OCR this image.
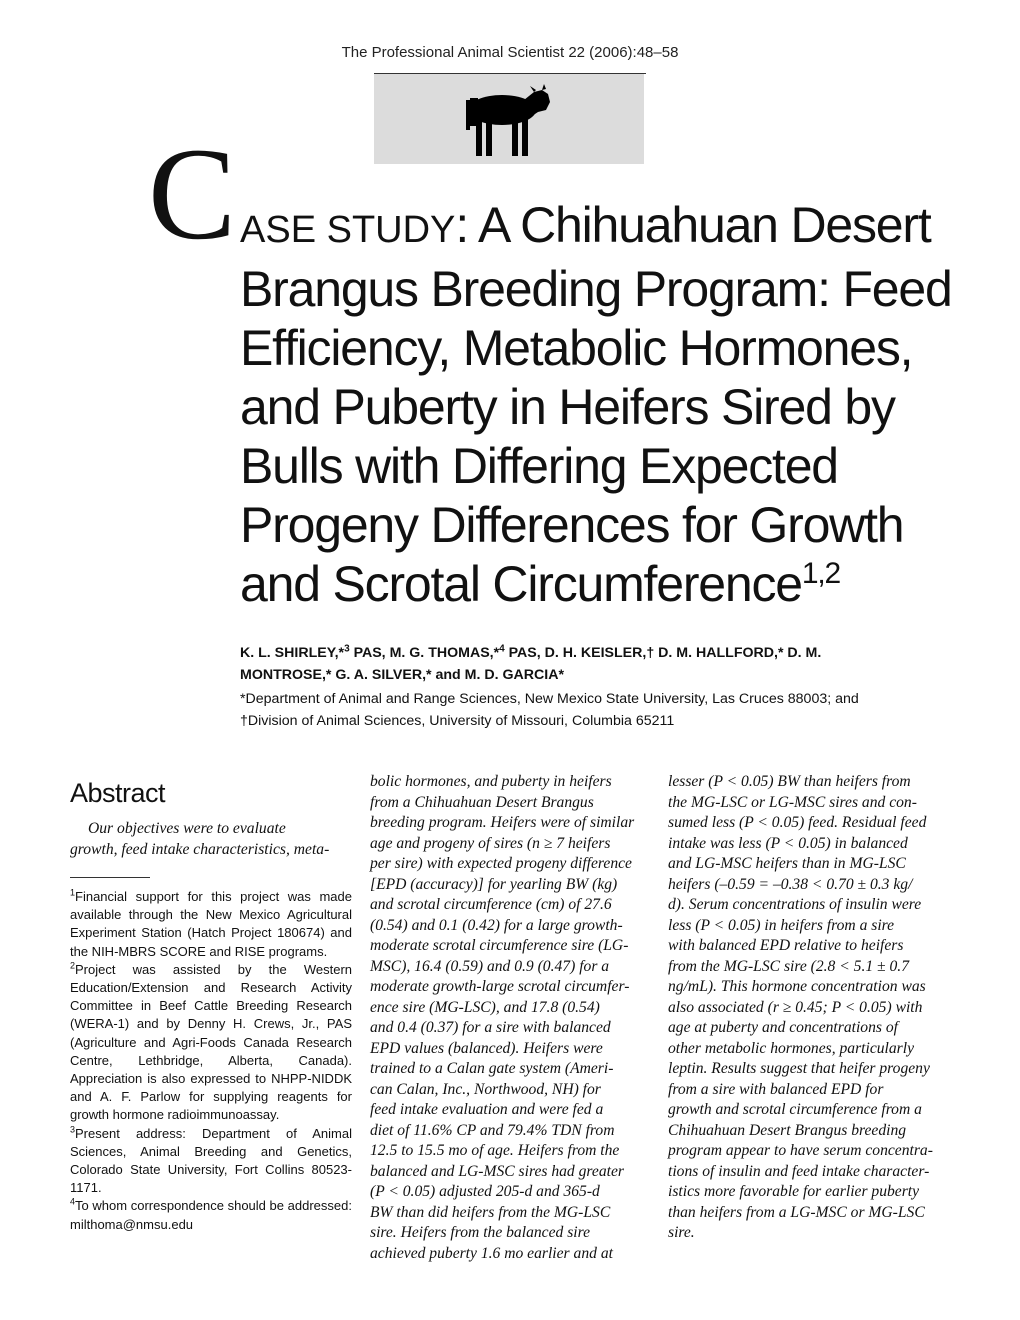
The Professional Animal Scientist 22 (2006):48–58
C ASE STUDY: A Chihuahuan Desert
Brangus Breeding Program: Feed
Efficiency, Metabolic Hormones,
and Puberty in Heifers Sired by
Bulls with Differing Expected
Progeny Differences for Growth
and Scrotal Circumference$^{1,2}$
K. L. SHIRLEY,*$^3$ PAS, M. G. THOMAS,*$^4$ PAS, D. H. KEISLER,† D. M. HALLFORD,* D. M.
MONTROSE,* G. A. SILVER,* and M. D. GARCIA*
*Department of Animal and Range Sciences, New Mexico State University, Las Cruces 88003; and
†Division of Animal Sciences, University of Missouri, Columbia 65211
Abstract
Our objectives were to evaluate
growth, feed intake characteristics, meta-
bolic hormones, and puberty in heifers
from a Chihuahuan Desert Brangus
breeding program. Heifers were of similar
age and progeny of sires (n ≥ 7 heifers
per sire) with expected progeny difference
[EPD (accuracy)] for yearling BW (kg)
and scrotal circumference (cm) of 27.6
(0.54) and 0.1 (0.42) for a large growth-
moderate scrotal circumference sire (LG-
MSC), 16.4 (0.59) and 0.9 (0.47) for a
moderate growth-large scrotal circumfer-
ence sire (MG-LSC), and 17.8 (0.54)
and 0.4 (0.37) for a sire with balanced
EPD values (balanced). Heifers were
trained to a Calan gate system (Ameri-
can Calan, Inc., Northwood, NH) for
feed intake evaluation and were fed a
diet of 11.6% CP and 79.4% TDN from
12.5 to 15.5 mo of age. Heifers from the
balanced and LG-MSC sires had greater
(P < 0.05) adjusted 205-d and 365-d
BW than did heifers from the MG-LSC
sire. Heifers from the balanced sire
achieved puberty 1.6 mo earlier and at

lesser (P < 0.05) BW than heifers from
the MG-LSC or LG-MSC sires and con-
sumed less (P < 0.05) feed. Residual feed
intake was less (P < 0.05) in balanced
and LG-MSC heifers than in MG-LSC
heifers (–0.59 = –0.38 < 0.70 ± 0.3 kg/
d). Serum concentrations of insulin were
less (P < 0.05) in heifers from a sire
with balanced EPD relative to heifers
from the MG-LSC sire (2.8 < 5.1 ± 0.7
ng/mL). This hormone concentration was
also associated (r ≥ 0.45; P < 0.05) with
age at puberty and concentrations of
other metabolic hormones, particularly
leptin. Results suggest that heifer progeny
from a sire with balanced EPD for
growth and scrotal circumference from a
Chihuahuan Desert Brangus breeding
program appear to have serum concentra-
tions of insulin and feed intake character-
istics more favorable for earlier puberty
than heifers from a LG-MSC or MG-LSC
sire.

$^1$Financial support for this project was made available through the New Mexico Agricultural Experiment Station (Hatch Project 180674) and the NIH-MBRS SCORE and RISE programs.

$^2$Project was assisted by the Western Education/Extension and Research Activity Committee in Beef Cattle Breeding Research (WERA-1) and by Denny H. Crews, Jr., PAS (Agriculture and Agri-Foods Canada Research Centre, Lethbridge, Alberta, Canada). Appreciation is also expressed to NHPP-NIDDK and A. F. Parlow for supplying reagents for growth hormone radioimmunoassay.

$^3$Present address: Department of Animal Sciences, Animal Breeding and Genetics, Colorado State University, Fort Collins 80523-1171.

$^4$To whom correspondence should be addressed: milthoma@nmsu.edu
